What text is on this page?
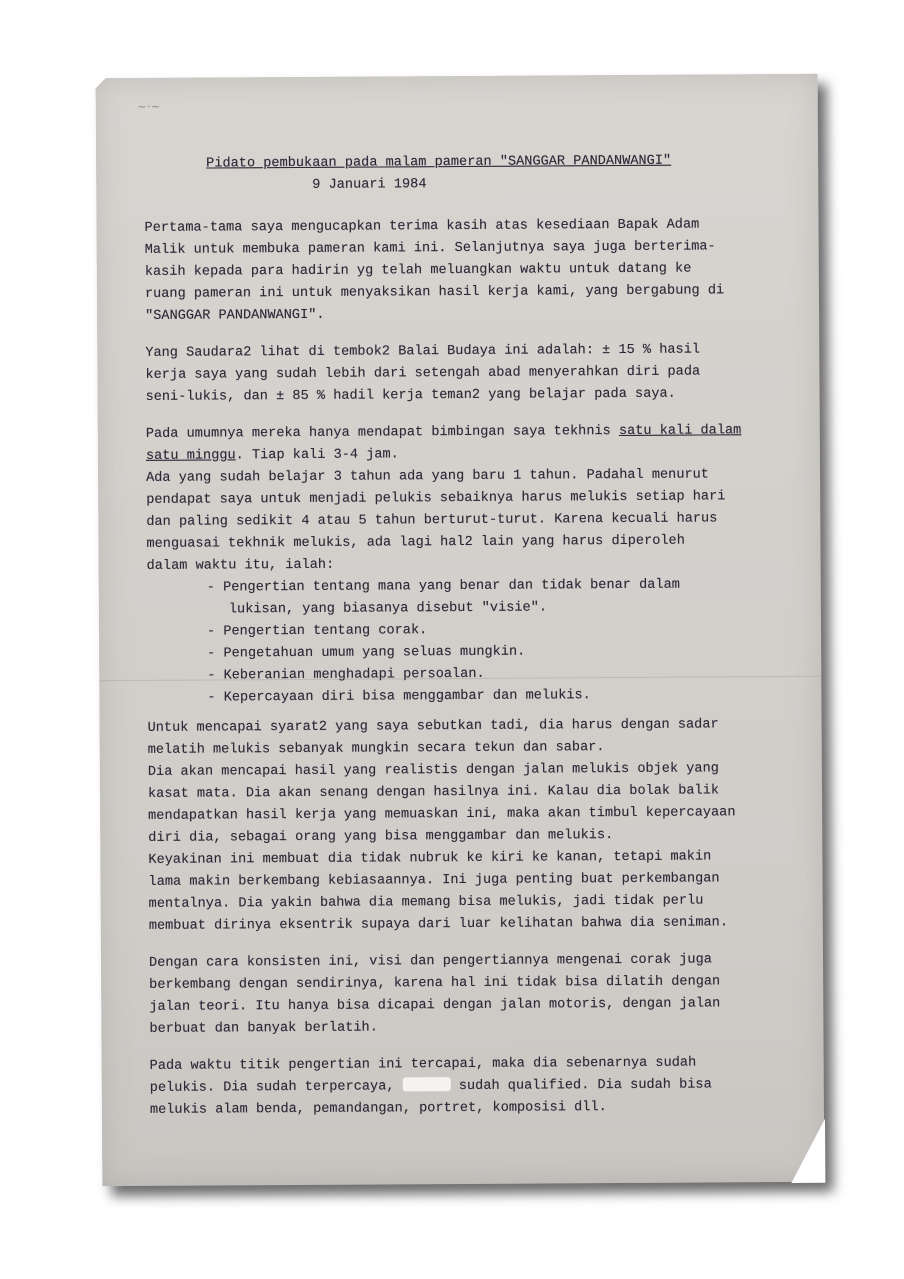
~·~
Pidato pembukaan pada malam pameran "SANGGAR PANDANWANGI"
9 Januari 1984
Pertama-tama saya mengucapkan terima kasih atas kesediaan Bapak Adam
Malik untuk membuka pameran kami ini. Selanjutnya saya juga berterima-
kasih kepada para hadirin yg telah meluangkan waktu untuk datang ke
ruang pameran ini untuk menyaksikan hasil kerja kami, yang bergabung di
"SANGGAR PANDANWANGI".
Yang Saudara2 lihat di tembok2 Balai Budaya ini adalah: ± 15 % hasil
kerja saya yang sudah lebih dari setengah abad menyerahkan diri pada
seni-lukis, dan ± 85 % hadil kerja teman2 yang belajar pada saya.
Pada umumnya mereka hanya mendapat bimbingan saya tekhnis satu kali dalam
satu minggu. Tiap kali 3-4 jam.
Ada yang sudah belajar 3 tahun ada yang baru 1 tahun. Padahal menurut
pendapat saya untuk menjadi pelukis sebaiknya harus melukis setiap hari
dan paling sedikit 4 atau 5 tahun berturut-turut. Karena kecuali harus
menguasai tekhnik melukis, ada lagi hal2 lain yang harus diperoleh
dalam waktu itu, ialah:
- Pengertian tentang mana yang benar dan tidak benar dalam
lukisan, yang biasanya disebut "visie".
- Pengertian tentang corak.
- Pengetahuan umum yang seluas mungkin.
- Keberanian menghadapi persoalan.
- Kepercayaan diri bisa menggambar dan melukis.
Untuk mencapai syarat2 yang saya sebutkan tadi, dia harus dengan sadar
melatih melukis sebanyak mungkin secara tekun dan sabar.
Dia akan mencapai hasil yang realistis dengan jalan melukis objek yang
kasat mata. Dia akan senang dengan hasilnya ini. Kalau dia bolak balik
mendapatkan hasil kerja yang memuaskan ini, maka akan timbul kepercayaan
diri dia, sebagai orang yang bisa menggambar dan melukis.
Keyakinan ini membuat dia tidak nubruk ke kiri ke kanan, tetapi makin
lama makin berkembang kebiasaannya. Ini juga penting buat perkembangan
mentalnya. Dia yakin bahwa dia memang bisa melukis, jadi tidak perlu
membuat dirinya eksentrik supaya dari luar kelihatan bahwa dia seniman.
Dengan cara konsisten ini, visi dan pengertiannya mengenai corak juga
berkembang dengan sendirinya, karena hal ini tidak bisa dilatih dengan
jalan teori. Itu hanya bisa dicapai dengan jalan motoris, dengan jalan
berbuat dan banyak berlatih.
Pada waktu titik pengertian ini tercapai, maka dia sebenarnya sudah
pelukis. Dia sudah terpercaya,	sudah qualified. Dia sudah bisa
melukis alam benda, pemandangan, portret, komposisi dll.
